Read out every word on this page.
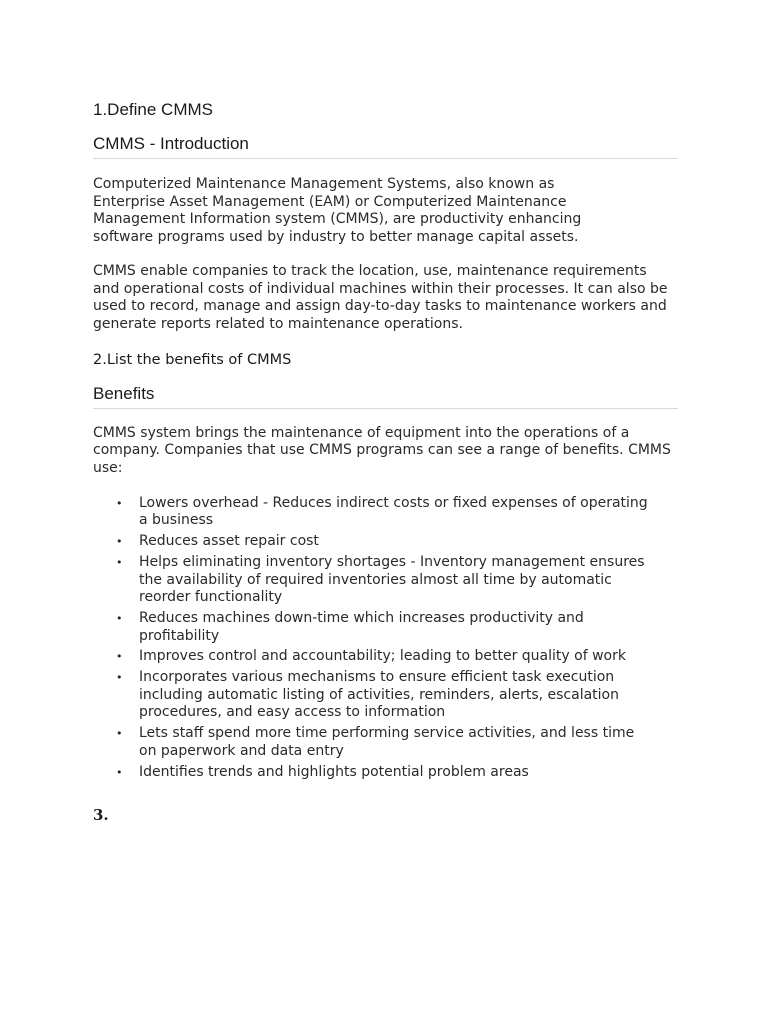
1.Define CMMS
CMMS - Introduction

Computerized Maintenance Management Systems, also known as Enterprise Asset Management (EAM) or Computerized Maintenance Management Information system (CMMS), are productivity enhancing software programs used by industry to better manage capital assets.

CMMS enable companies to track the location, use, maintenance requirements and operational costs of individual machines within their processes. It can also be used to record, manage and assign day-to-day tasks to maintenance workers and generate reports related to maintenance operations.

2.List the benefits of CMMS
Benefits

CMMS system brings the maintenance of equipment into the operations of a company. Companies that use CMMS programs can see a range of benefits. CMMS use:

• Lowers overhead - Reduces indirect costs or fixed expenses of operating a business
• Reduces asset repair cost
• Helps eliminating inventory shortages - Inventory management ensures the availability of required inventories almost all time by automatic reorder functionality
• Reduces machines down-time which increases productivity and profitability
• Improves control and accountability; leading to better quality of work
• Incorporates various mechanisms to ensure efficient task execution including automatic listing of activities, reminders, alerts, escalation procedures, and easy access to information
• Lets staff spend more time performing service activities, and less time on paperwork and data entry
• Identifies trends and highlights potential problem areas
3.
